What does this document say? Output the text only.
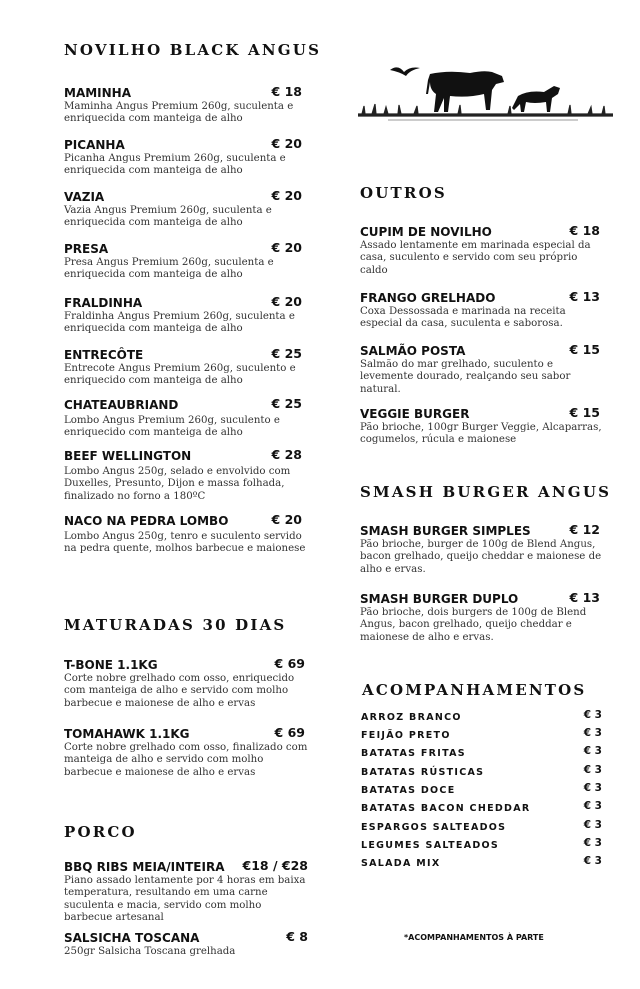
NOVILHO BLACK ANGUS
MAMINHA	€ 18
Maminha Angus Premium 260g, suculenta e enriquecida com manteiga de alho
PICANHA	€ 20
Picanha Angus Premium 260g, suculenta e enriquecida com manteiga de alho
VAZIA	€ 20
Vazia Angus Premium 260g, suculenta e enriquecida com manteiga de alho
PRESA	€ 20
Presa Angus Premium 260g, suculenta e enriquecida com manteiga de alho
FRALDINHA	€ 20
Fraldinha Angus Premium 260g, suculenta e enriquecida com manteiga de alho
ENTRECÔTE	€ 25
Entrecote Angus Premium 260g, suculento e enriquecido com manteiga de alho
CHATEAUBRIAND	€ 25
Lombo Angus Premium 260g, suculento e enriquecido com manteiga de alho
BEEF WELLINGTON	€ 28
Lombo Angus 250g, selado e envolvido com Duxelles, Presunto, Dijon e massa folhada, finalizado no forno a 180ºC
NACO NA PEDRA LOMBO	€ 20
Lombo Angus 250g, tenro e suculento servido na pedra quente, molhos barbecue e maionese
MATURADAS 30 DIAS
T-BONE 1.1KG	€ 69
Corte nobre grelhado com osso, enriquecido com manteiga de alho e servido com molho barbecue e maionese de alho e ervas
TOMAHAWK 1.1KG	€ 69
Corte nobre grelhado com osso, finalizado com manteiga de alho e servido com molho barbecue e maionese de alho e ervas
PORCO
BBQ RIBS MEIA/INTEIRA €18 / €28
Piano assado lentamente por 4 horas em baixa temperatura, resultando em uma carne suculenta e macia, servido com molho barbecue artesanal
SALSICHA TOSCANA	€ 8
250gr Salsicha Toscana grelhada
OUTROS
CUPIM DE NOVILHO	€ 18
Assado lentamente em marinada especial da casa, suculento e servido com seu próprio caldo
FRANGO GRELHADO	€ 13
Coxa Dessossada e marinada na receita especial da casa, suculenta e saborosa.
SALMÃO POSTA	€ 15
Salmão do mar grelhado, suculento e levemente dourado, realçando seu sabor natural.
VEGGIE BURGER	€ 15
Pão brioche, 100gr Burger Veggie, Alcaparras, cogumelos, rúcula e maionese
SMASH BURGER ANGUS
SMASH BURGER SIMPLES	€ 12
Pão brioche, burger de 100g de Blend Angus, bacon grelhado, queijo cheddar e maionese de alho e ervas.
SMASH BURGER DUPLO	€ 13
Pão brioche, dois burgers de 100g de Blend Angus, bacon grelhado, queijo cheddar e maionese de alho e ervas.
ACOMPANHAMENTOS
ARROZ BRANCO	€ 3
FEIJÃO PRETO	€ 3
BATATAS FRITAS	€ 3
BATATAS RÚSTICAS	€ 3
BATATAS DOCE	€ 3
BATATAS BACON CHEDDAR	€ 3
ESPARGOS SALTEADOS	€ 3
LEGUMES SALTEADOS	€ 3
SALADA MIX	€ 3
*ACOMPANHAMENTOS À PARTE
